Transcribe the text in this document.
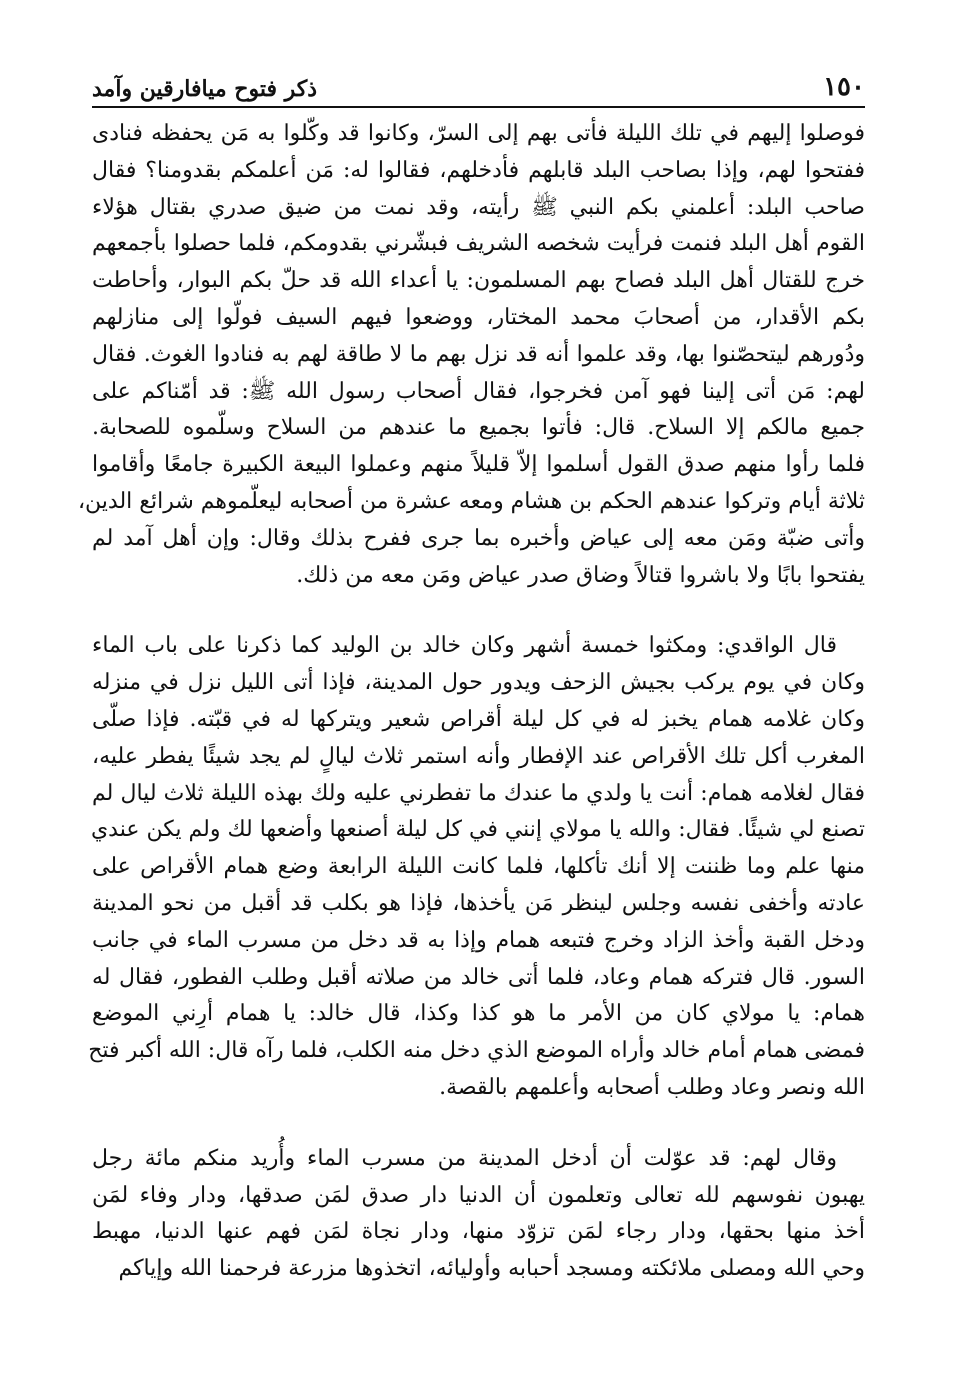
١٥٠
ذكر فتوح ميافارقين وآمد
فوصلوا إليهم في تلك الليلة فأتى بهم إلى السرّ، وكانوا قد وكّلوا به مَن يحفظه فنادى
ففتحوا لهم، وإذا بصاحب البلد قابلهم فأدخلهم، فقالوا له: مَن أعلمكم بقدومنا؟ فقال
صاحب البلد: أعلمني بكم النبي ﷺ رأيته، وقد نمت من ضيق صدري بقتال هؤلاء
القوم أهل البلد فنمت فرأيت شخصه الشريف فبشّرني بقدومكم، فلما حصلوا بأجمعهم
خرج للقتال أهل البلد فصاح بهم المسلمون: يا أعداء الله قد حلّ بكم البوار، وأحاطت
بكم الأقدار، من أصحابَ محمد المختار، ووضعوا فيهم السيف فولّوا إلى منازلهم
ودُورهم ليتحصّنوا بها، وقد علموا أنه قد نزل بهم ما لا طاقة لهم به فنادوا الغوث. فقال
لهم: مَن أتى إلينا فهو آمن فخرجوا، فقال أصحاب رسول الله ﷺ: قد أمّناكم على
جميع مالكم إلا السلاح. قال: فأتوا بجميع ما عندهم من السلاح وسلّموه للصحابة.
فلما رأوا منهم صدق القول أسلموا إلاّ قليلاً منهم وعملوا البيعة الكبيرة جامعًا وأقاموا
ثلاثة أيام وتركوا عندهم الحكم بن هشام ومعه عشرة من أصحابه ليعلّموهم شرائع الدين،
وأتى ضبّة ومَن معه إلى عياض وأخبره بما جرى ففرح بذلك وقال: وإن أهل آمد لم
يفتحوا بابًا ولا باشروا قتالاً وضاق صدر عياض ومَن معه من ذلك.
قال الواقدي: ومكثوا خمسة أشهر وكان خالد بن الوليد كما ذكرنا على باب الماء
وكان في يوم يركب بجيش الزحف ويدور حول المدينة، فإذا أتى الليل نزل في منزله
وكان غلامه همام يخبز له في كل ليلة أقراص شعير ويتركها له في قبّته. فإذا صلّى
المغرب أكل تلك الأقراص عند الإفطار وأنه استمر ثلاث ليالٍ لم يجد شيئًا يفطر عليه،
فقال لغلامه همام: أنت يا ولدي ما عندك ما تفطرني عليه ولك بهذه الليلة ثلاث ليال لم
تصنع لي شيئًا. فقال: والله يا مولاي إنني في كل ليلة أصنعها وأضعها لك ولم يكن عندي
منها علم وما ظننت إلا أنك تأكلها، فلما كانت الليلة الرابعة وضع همام الأقراص على
عادته وأخفى نفسه وجلس لينظر مَن يأخذها، فإذا هو بكلب قد أقبل من نحو المدينة
ودخل القبة وأخذ الزاد وخرج فتبعه همام وإذا به قد دخل من مسرب الماء في جانب
السور. قال فتركه همام وعاد، فلما أتى خالد من صلاته أقبل وطلب الفطور، فقال له
همام: يا مولاي كان من الأمر ما هو كذا وكذا، قال خالد: يا همام أرِني الموضع
فمضى همام أمام خالد وأراه الموضع الذي دخل منه الكلب، فلما رآه قال: الله أكبر فتح
الله ونصر وعاد وطلب أصحابه وأعلمهم بالقصة.
وقال لهم: قد عوّلت أن أدخل المدينة من مسرب الماء وأُريد منكم مائة رجل
يهبون نفوسهم لله تعالى وتعلمون أن الدنيا دار صدق لمَن صدقها، ودار وفاء لمَن
أخذ منها بحقها، ودار رجاء لمَن تزوّد منها، ودار نجاة لمَن فهم عنها الدنيا، مهبط
وحي الله ومصلى ملائكته ومسجد أحبابه وأوليائه، اتخذوها مزرعة فرحمنا الله وإياكم
